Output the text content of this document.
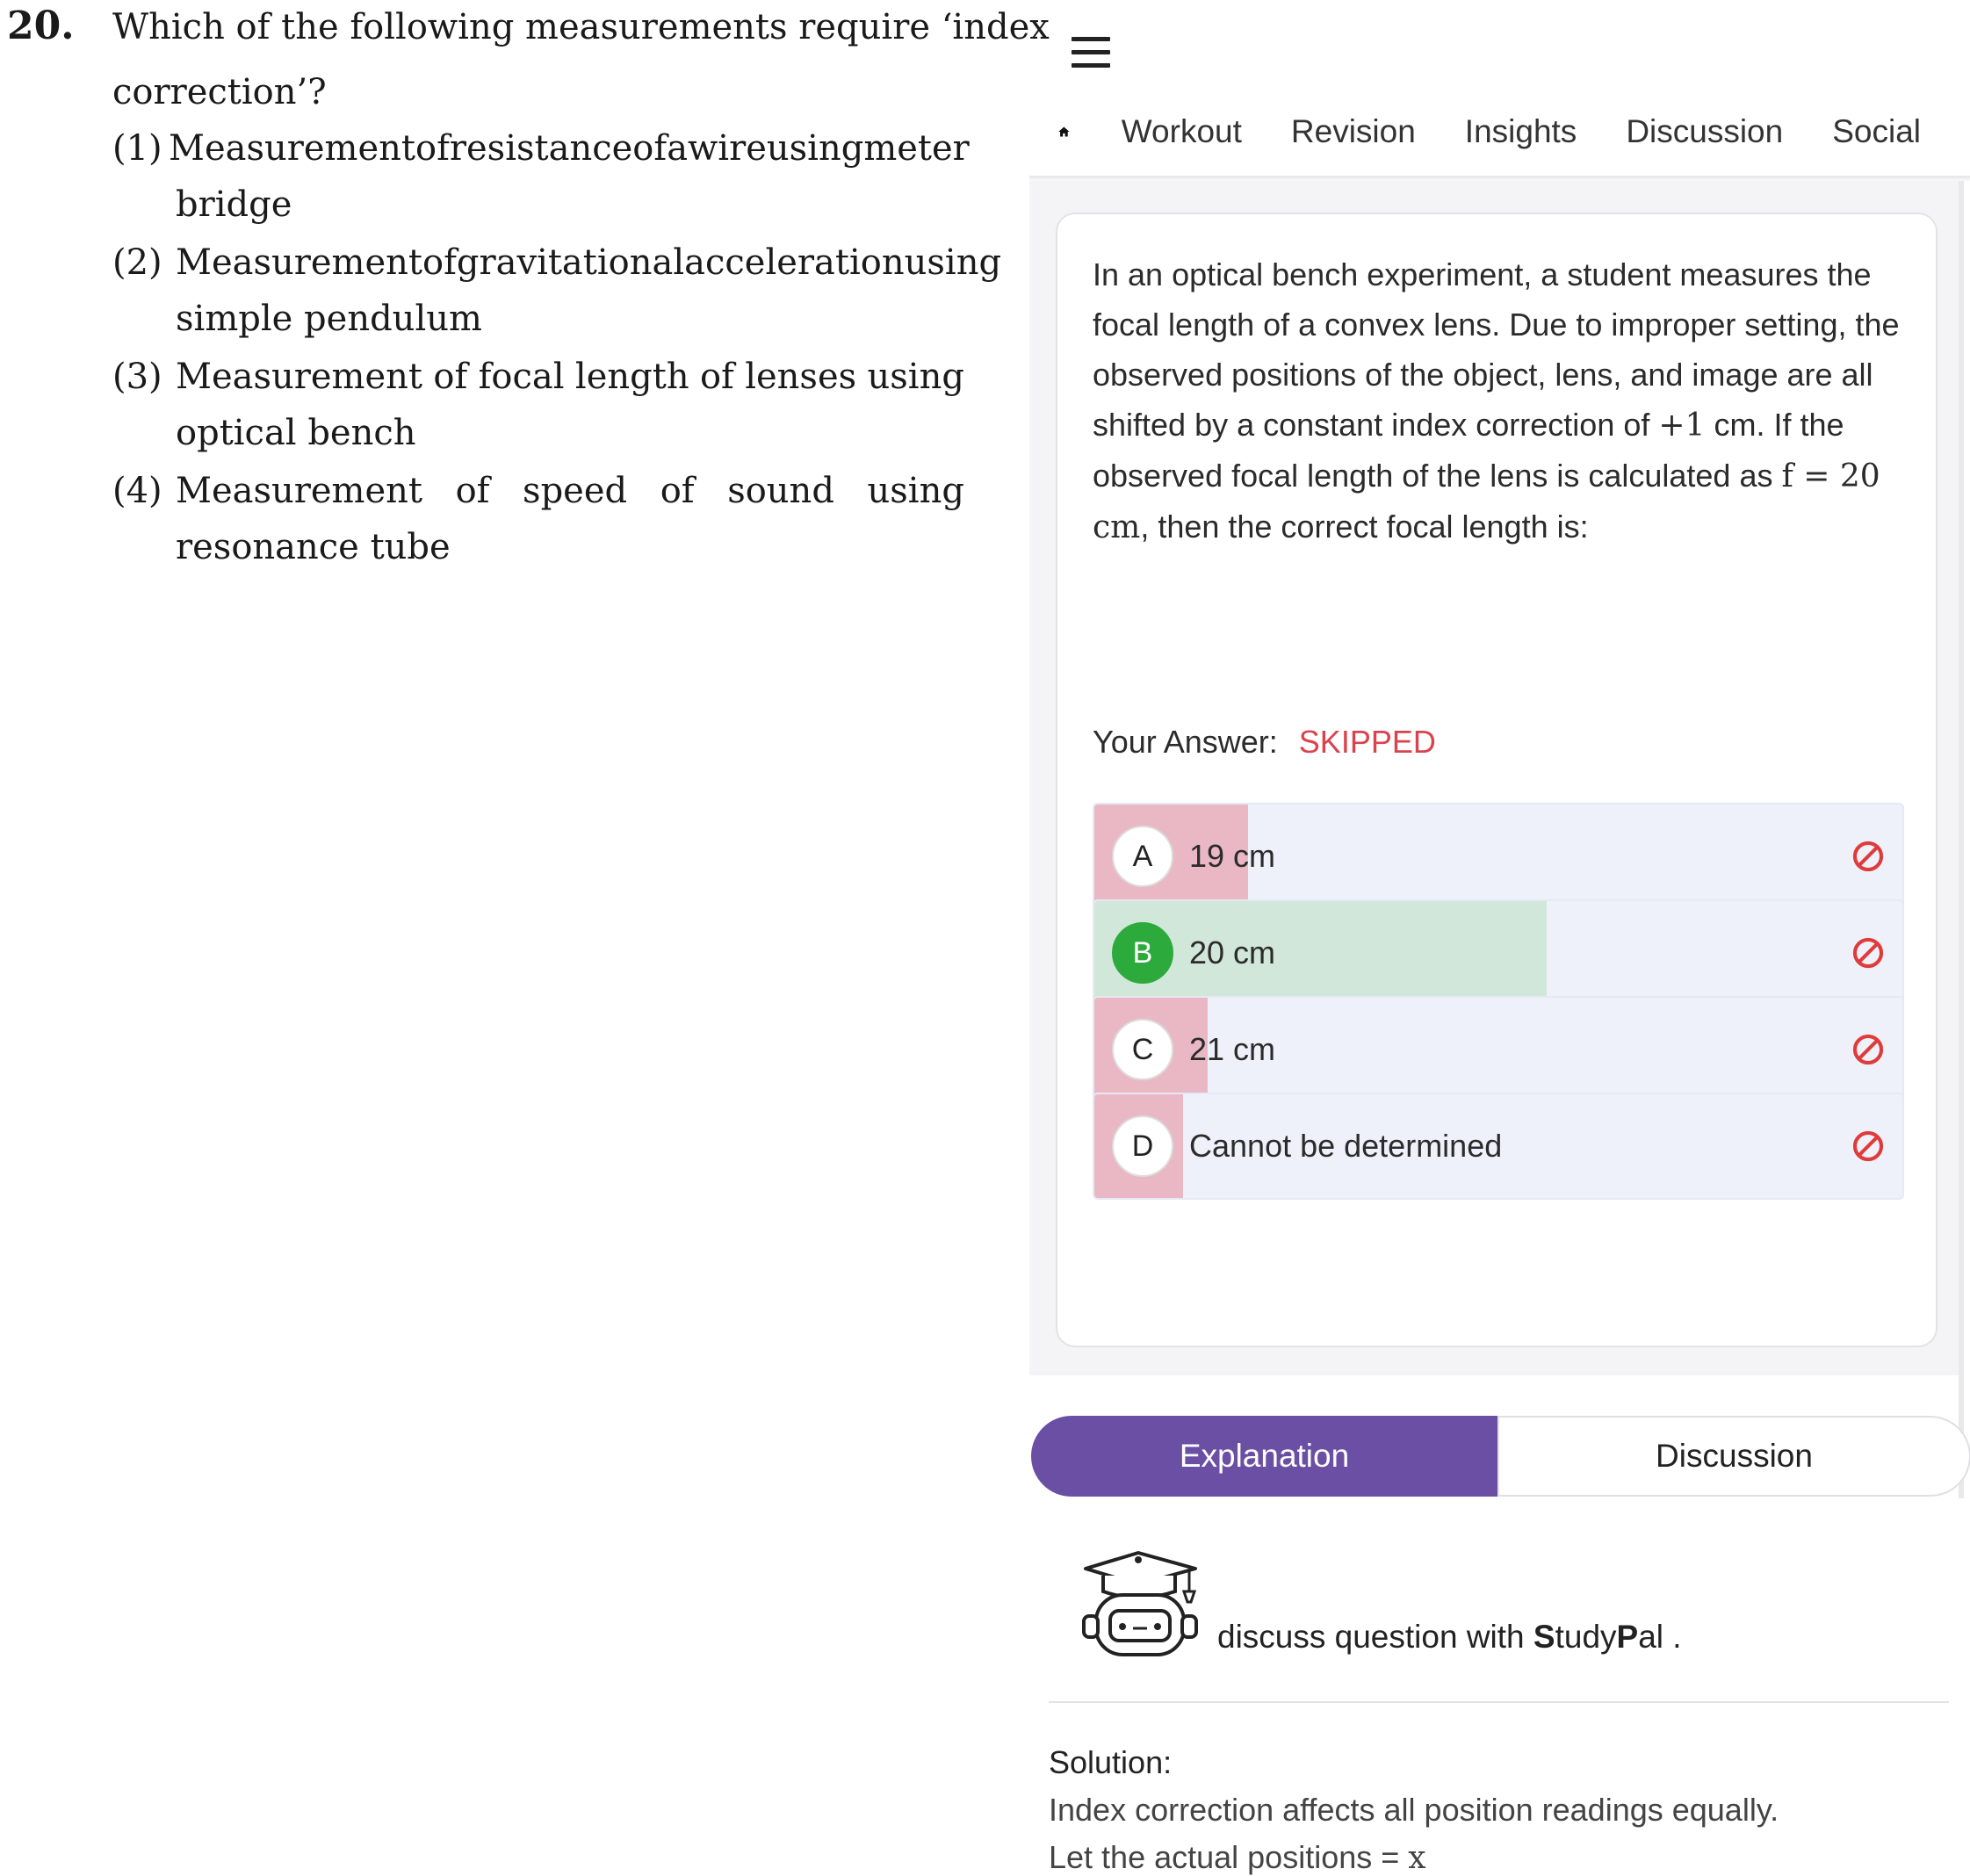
20. Which of the following measurements require ‘index
correction’?
(1) Measurement of resistance of a wire using meter
bridge
(2) Measurement of gravitational acceleration using
simple pendulum
(3) Measurement of focal length of lenses using
optical bench
(4) Measurement of speed of sound using
resonance tube
Workout Revision Insights Discussion Social
In an optical bench experiment, a student measures the focal length of a convex lens. Due to improper setting, the observed positions of the object, lens, and image are all shifted by a constant index correction of +1 cm. If the observed focal length of the lens is calculated as f = 20 cm, then the correct focal length is:
Your Answer: SKIPPED
A	19 cm
B	20 cm
C	21 cm
D	Cannot be determined
Explanation	Discussion
discuss question with StudyPal .
Solution:
Index correction affects all position readings equally.
Let the actual positions = x
